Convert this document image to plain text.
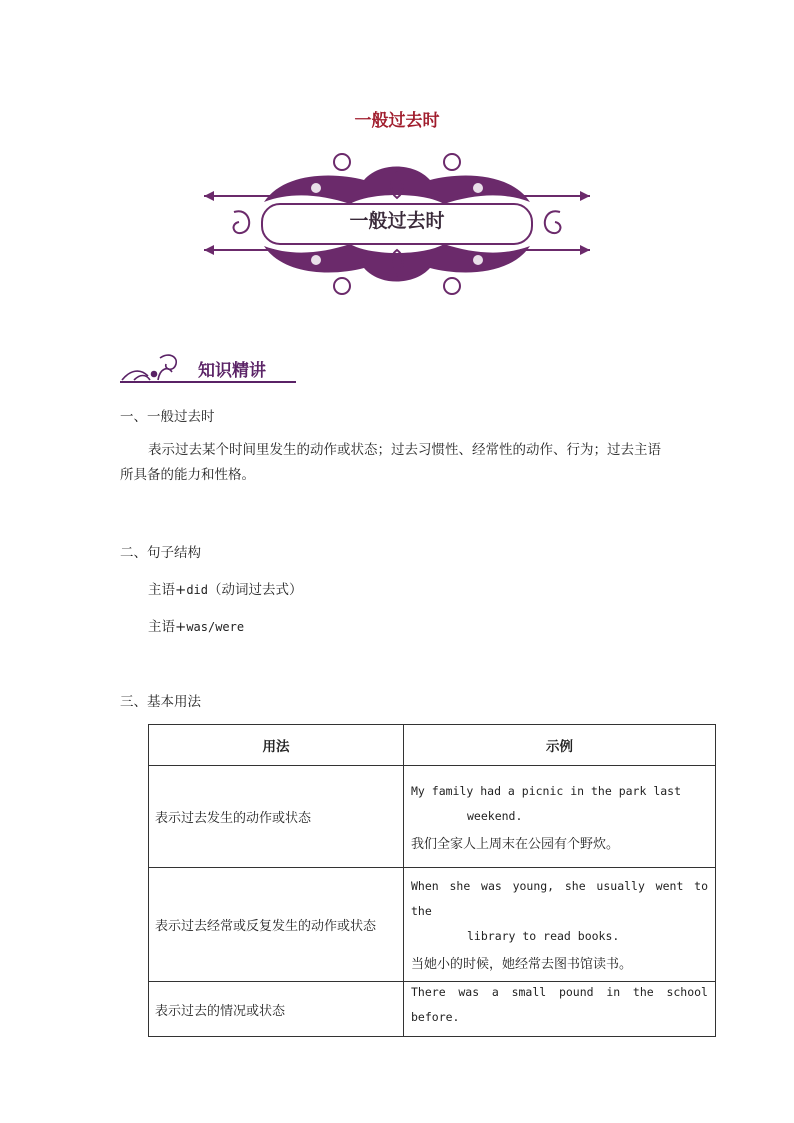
一般过去时
一般过去时
知识精讲
一、一般过去时
表示过去某个时间里发生的动作或状态；过去习惯性、经常性的动作、行为；过去主语
所具备的能力和性格。
二、句子结构
主语+did（动词过去式）
主语+was/were
三、基本用法
用法	示例
表示过去发生的动作或状态	My family had a picnic in the park last
weekend.
我们全家人上周末在公园有个野炊。

表示过去经常或反复发生的动作或状态	When she was young, she usually went to the
library to read books.
当她小的时候，她经常去图书馆读书。

表示过去的情况或状态	There was a small pound in the school before.
